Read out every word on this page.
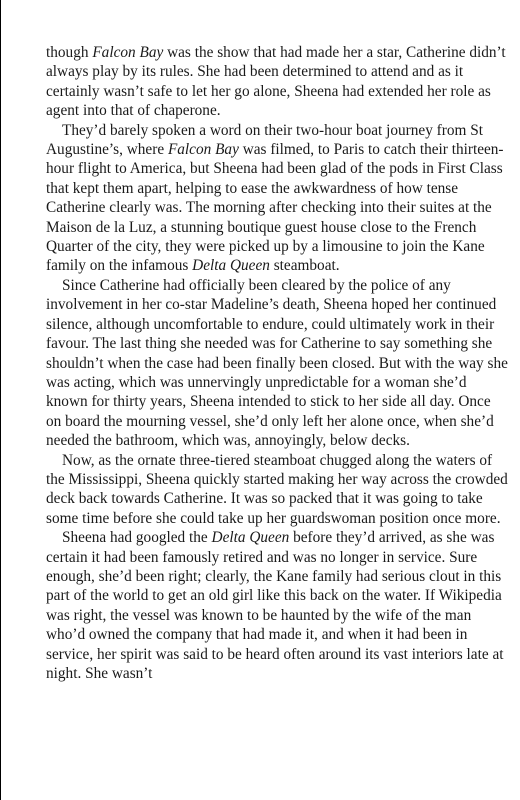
though Falcon Bay was the show that had made her a star, Catherine didn’t always play by its rules. She had been determined to attend and as it certainly wasn’t safe to let her go alone, Sheena had extended her role as agent into that of chaperone.

They’d barely spoken a word on their two-hour boat journey from St Augustine’s, where Falcon Bay was filmed, to Paris to catch their thirteen-hour flight to America, but Sheena had been glad of the pods in First Class that kept them apart, helping to ease the awkwardness of how tense Catherine clearly was. The morning after checking into their suites at the Maison de la Luz, a stunning boutique guest house close to the French Quarter of the city, they were picked up by a limousine to join the Kane family on the infamous Delta Queen steamboat.

Since Catherine had officially been cleared by the police of any involvement in her co-star Madeline’s death, Sheena hoped her continued silence, although uncomfortable to endure, could ultimately work in their favour. The last thing she needed was for Catherine to say something she shouldn’t when the case had been finally been closed. But with the way she was acting, which was unnervingly unpredictable for a woman she’d known for thirty years, Sheena intended to stick to her side all day. Once on board the mourning vessel, she’d only left her alone once, when she’d needed the bathroom, which was, annoyingly, below decks.

Now, as the ornate three-tiered steamboat chugged along the waters of the Mississippi, Sheena quickly started making her way across the crowded deck back towards Catherine. It was so packed that it was going to take some time before she could take up her guardswoman position once more.

Sheena had googled the Delta Queen before they’d arrived, as she was certain it had been famously retired and was no longer in service. Sure enough, she’d been right; clearly, the Kane family had serious clout in this part of the world to get an old girl like this back on the water. If Wikipedia was right, the vessel was known to be haunted by the wife of the man who’d owned the company that had made it, and when it had been in service, her spirit was said to be heard often around its vast interiors late at night. She wasn’t
